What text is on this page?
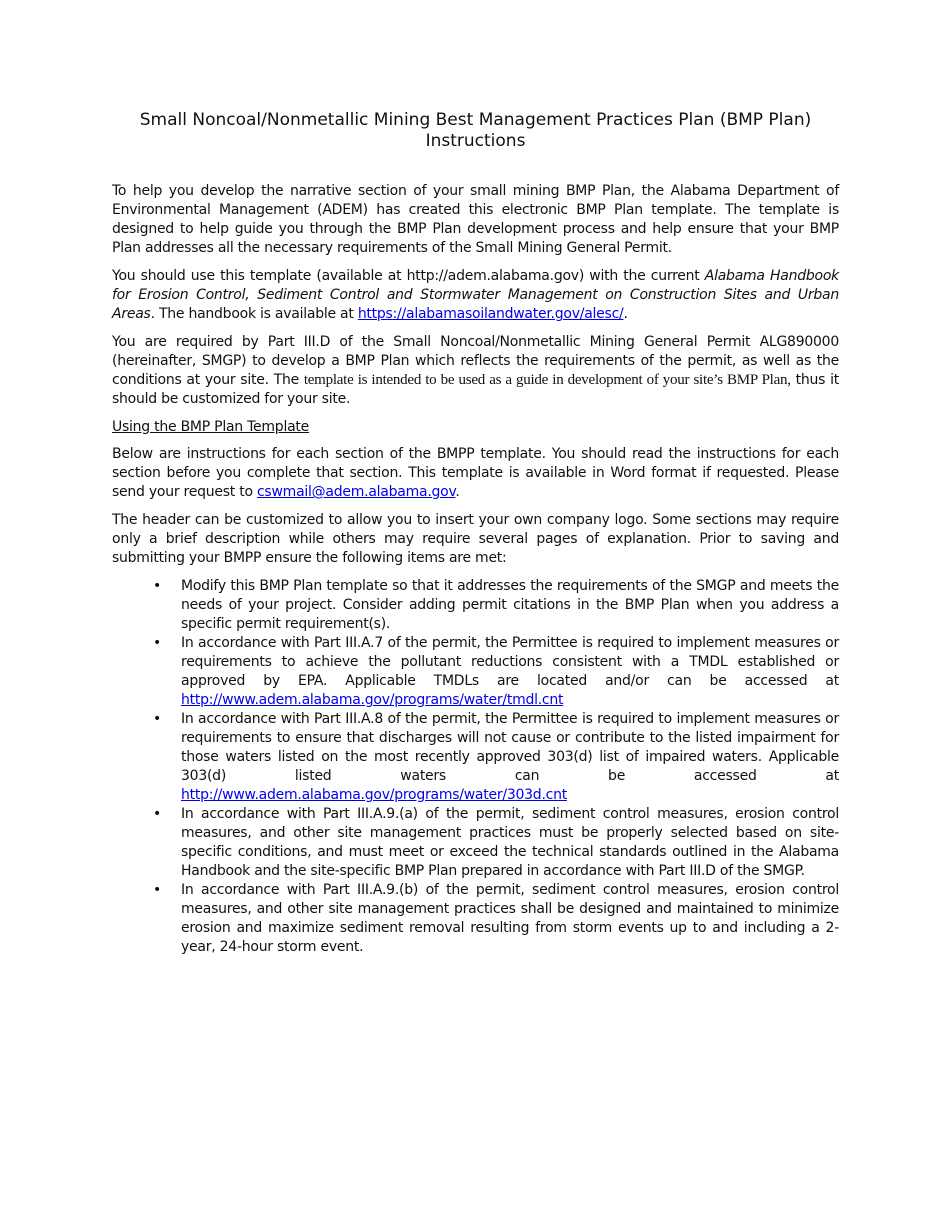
Small Noncoal/Nonmetallic Mining Best Management Practices Plan (BMP Plan)
Instructions

To help you develop the narrative section of your small mining BMP Plan, the Alabama Department of Environmental Management (ADEM) has created this electronic BMP Plan template. The template is designed to help guide you through the BMP Plan development process and help ensure that your BMP Plan addresses all the necessary requirements of the Small Mining General Permit.

You should use this template (available at http://adem.alabama.gov) with the current Alabama Handbook for Erosion Control, Sediment Control and Stormwater Management on Construction Sites and Urban Areas. The handbook is available at https://alabamasoilandwater.gov/alesc/.

You are required by Part III.D of the Small Noncoal/Nonmetallic Mining General Permit ALG890000 (hereinafter, SMGP) to develop a BMP Plan which reflects the requirements of the permit, as well as the conditions at your site. The template is intended to be used as a guide in development of your site’s BMP Plan, thus it should be customized for your site.

Using the BMP Plan Template

Below are instructions for each section of the BMPP template. You should read the instructions for each section before you complete that section. This template is available in Word format if requested. Please send your request to cswmail@adem.alabama.gov.

The header can be customized to allow you to insert your own company logo. Some sections may require only a brief description while others may require several pages of explanation. Prior to saving and submitting your BMPP ensure the following items are met:

• Modify this BMP Plan template so that it addresses the requirements of the SMGP and meets the needs of your project. Consider adding permit citations in the BMP Plan when you address a specific permit requirement(s).
• In accordance with Part III.A.7 of the permit, the Permittee is required to implement measures or requirements to achieve the pollutant reductions consistent with a TMDL established or approved by EPA. Applicable TMDLs are located and/or can be accessed at http://www.adem.alabama.gov/programs/water/tmdl.cnt
• In accordance with Part III.A.8 of the permit, the Permittee is required to implement measures or requirements to ensure that discharges will not cause or contribute to the listed impairment for those waters listed on the most recently approved 303(d) list of impaired waters. Applicable 303(d) listed waters can be accessed at http://www.adem.alabama.gov/programs/water/303d.cnt
• In accordance with Part III.A.9.(a) of the permit, sediment control measures, erosion control measures, and other site management practices must be properly selected based on site-specific conditions, and must meet or exceed the technical standards outlined in the Alabama Handbook and the site-specific BMP Plan prepared in accordance with Part III.D of the SMGP.
• In accordance with Part III.A.9.(b) of the permit, sediment control measures, erosion control measures, and other site management practices shall be designed and maintained to minimize erosion and maximize sediment removal resulting from storm events up to and including a 2-year, 24-hour storm event.
